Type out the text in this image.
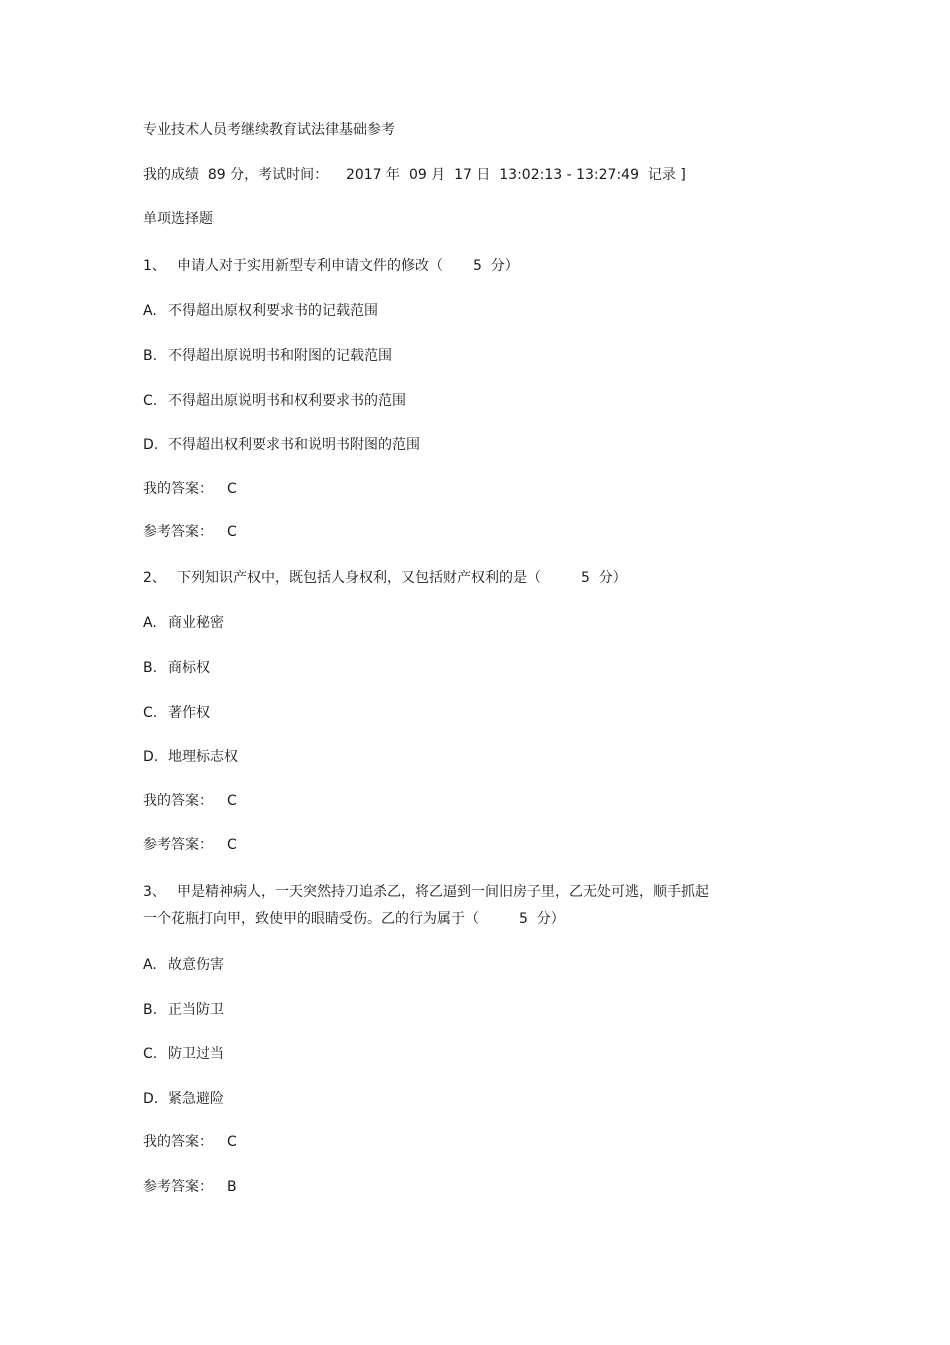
专业技术人员考继续教育试法律基础参考
我的成绩  89 分，考试时间：    2017 年  09 月  17 日  13:02:13 - 13:27:49  记录 ]
单项选择题
1、 申请人对于实用新型专利申请文件的修改（ 5  分）
A. 不得超出原权利要求书的记载范围
B. 不得超出原说明书和附图的记载范围
C. 不得超出原说明书和权利要求书的范围
D. 不得超出权利要求书和说明书附图的范围
我的答案： C
参考答案： C
2、 下列知识产权中，既包括人身权利，又包括财产权利的是（	5  分）
A. 商业秘密
B. 商标权
C. 著作权
D. 地理标志权
我的答案： C
参考答案： C
3、 甲是精神病人，一天突然持刀追杀乙，将乙逼到一间旧房子里，乙无处可逃，顺手抓起
一个花瓶打向甲，致使甲的眼睛受伤。乙的行为属于（	5  分）
A. 故意伤害
B. 正当防卫
C. 防卫过当
D. 紧急避险
我的答案： C
参考答案： B
